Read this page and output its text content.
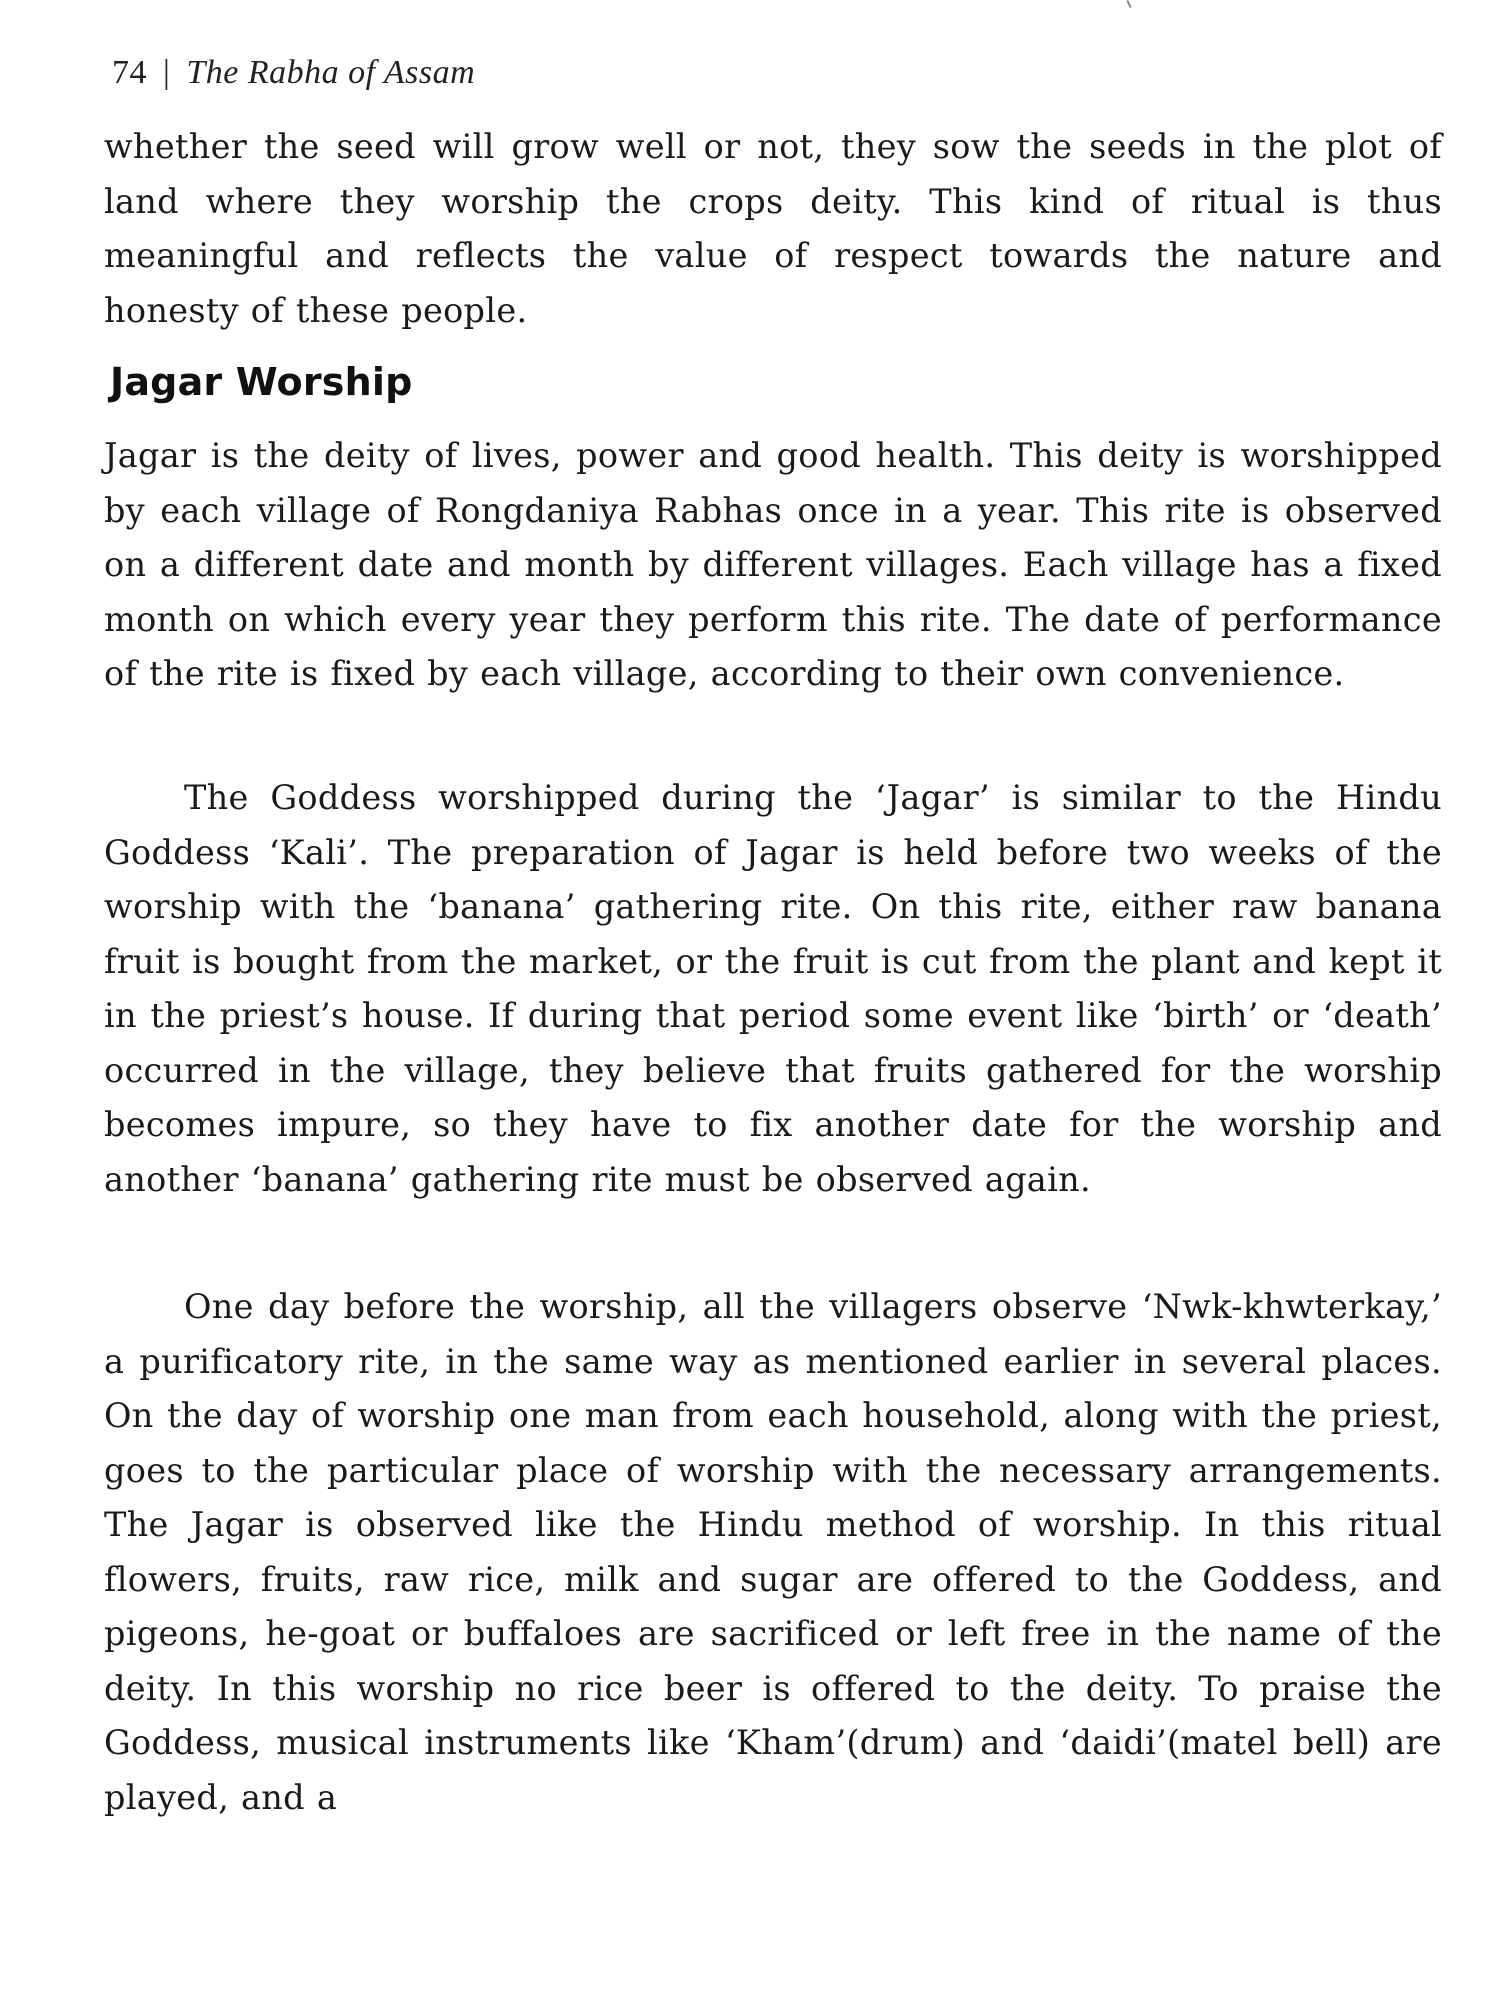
74 | The Rabha of Assam

whether the seed will grow well or not, they sow the seeds in the plot of land where they worship the crops deity. This kind of ritual is thus meaningful and reflects the value of respect towards the nature and honesty of these people.

Jagar Worship

Jagar is the deity of lives, power and good health. This deity is worshipped by each village of Rongdaniya Rabhas once in a year. This rite is observed on a different date and month by different villages. Each village has a fixed month on which every year they perform this rite. The date of performance of the rite is fixed by each village, according to their own convenience.

The Goddess worshipped during the ‘Jagar’ is similar to the Hindu Goddess ‘Kali’. The preparation of Jagar is held before two weeks of the worship with the ‘banana’ gathering rite. On this rite, either raw banana fruit is bought from the market, or the fruit is cut from the plant and kept it in the priest’s house. If during that period some event like ‘birth’ or ‘death’ occurred in the village, they believe that fruits gathered for the worship becomes impure, so they have to fix another date for the worship and another ‘banana’ gathering rite must be observed again.

One day before the worship, all the villagers observe ‘Nwk-khwterkay,’ a purificatory rite, in the same way as mentioned earlier in several places. On the day of worship one man from each household, along with the priest, goes to the particular place of worship with the necessary arrangements. The Jagar is observed like the Hindu method of worship. In this ritual flowers, fruits, raw rice, milk and sugar are offered to the Goddess, and pigeons, he-goat or buffaloes are sacrificed or left free in the name of the deity. In this worship no rice beer is offered to the deity. To praise the Goddess, musical instruments like ‘Kham’(drum) and ‘daidi’(matel bell) are played, and a
